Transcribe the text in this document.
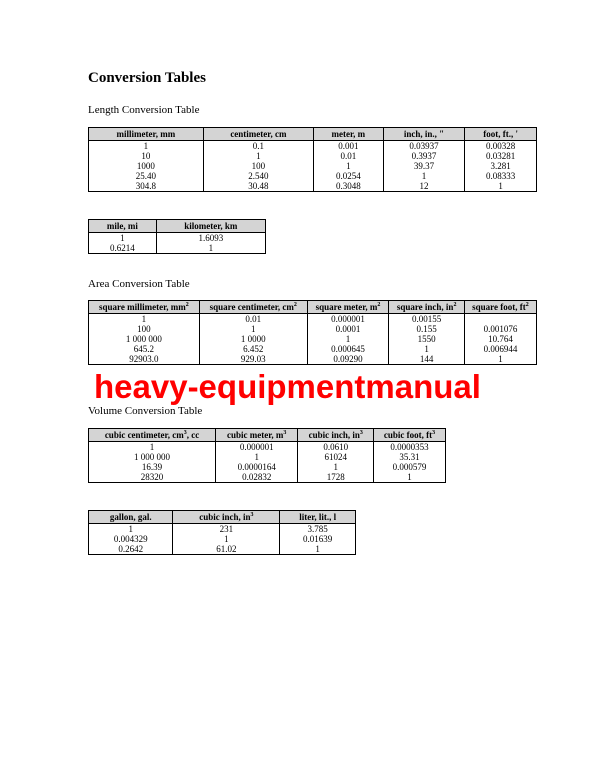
Conversion Tables
Length Conversion Table
millimeter, mm	centimeter, cm	meter, m	inch, in., "	foot, ft., '
1	0.1	0.001	0.03937	0.00328
10	1	0.01	0.3937	0.03281
1000	100	1	39.37	3.281
25.40	2.540	0.0254	1	0.08333
304.8	30.48	0.3048	12	1
mile, mi	kilometer, km
1	1.6093
0.6214	1
Area Conversion Table
square millimeter, $mm^2$	square centimeter, $cm^2$	square meter, $m^2$	square inch, $in^2$	square foot, $ft^2$
1	0.01	0.000001	0.00155	
100	1	0.0001	0.155	0.001076
1 000 000	1 0000	1	1550	10.764
645.2	6.452	0.000645	1	0.006944
92903.0	929.03	0.09290	144	1
Volume Conversion Table
cubic centimeter, $cm^3$, cc	cubic meter, $m^3$	cubic inch, $in^3$	cubic foot, $ft^3$
1	0.000001	0.0610	0.0000353
1 000 000	1	61024	35.31
16.39	0.0000164	1	0.000579
28320	0.02832	1728	1
gallon, gal.	cubic inch, $in^3$	liter, lit., l
1	231	3.785
0.004329	1	0.01639
0.2642	61.02	1
heavy-equipmentmanual
